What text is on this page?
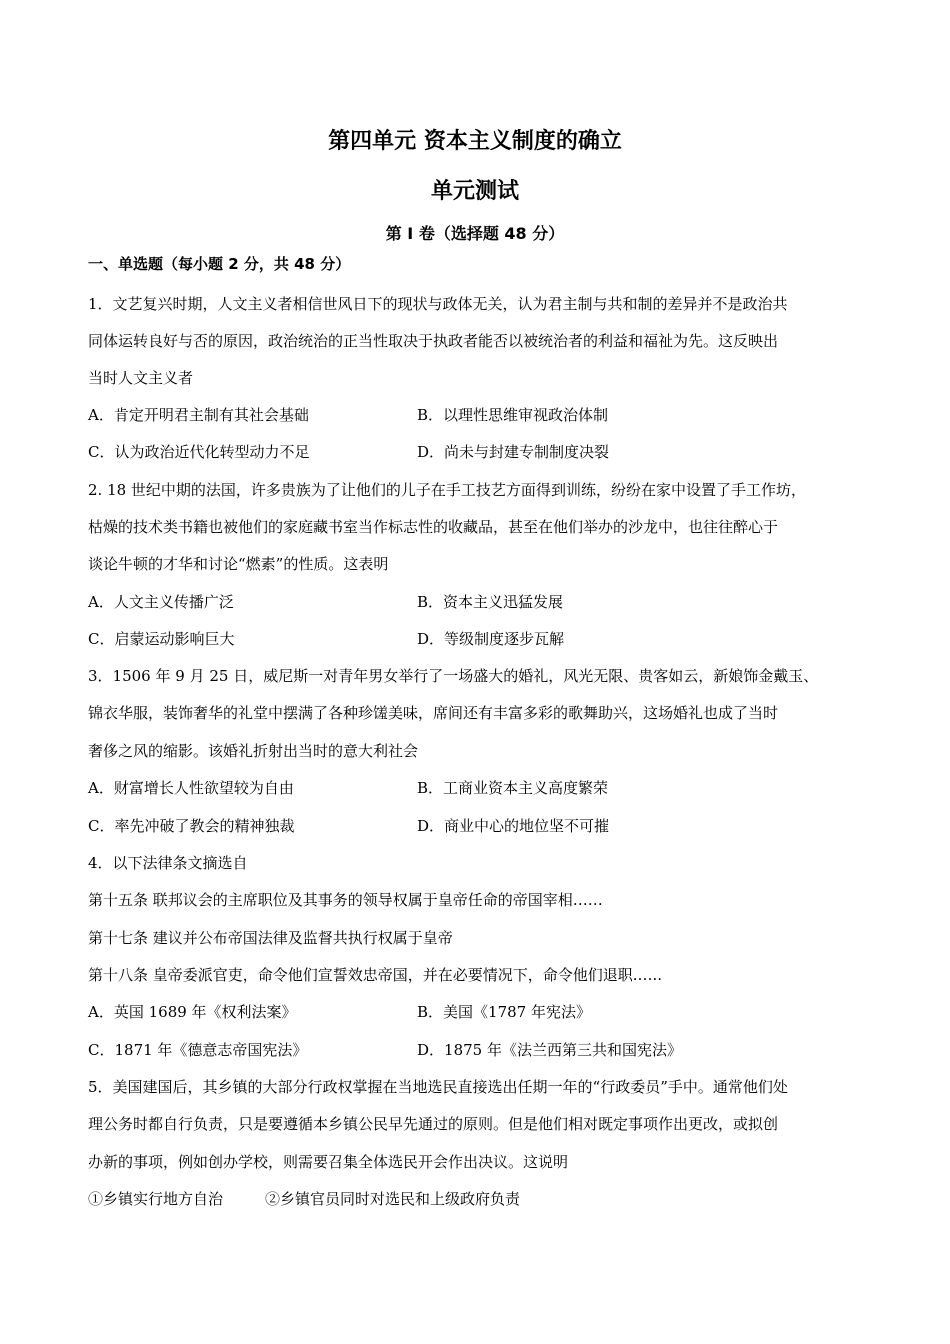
第四单元 资本主义制度的确立
单元测试
第 I 卷（选择题 48 分）
一、单选题（每小题 2 分，共 48 分）
1．文艺复兴时期，人文主义者相信世风日下的现状与政体无关，认为君主制与共和制的差异并不是政治共
同体运转良好与否的原因，政治统治的正当性取决于执政者能否以被统治者的利益和福祉为先。这反映出
当时人文主义者
A．肯定开明君主制有其社会基础	B．以理性思维审视政治体制
C．认为政治近代化转型动力不足	D．尚未与封建专制制度决裂
2. 18 世纪中期的法国，许多贵族为了让他们的儿子在手工技艺方面得到训练，纷纷在家中设置了手工作坊，
枯燥的技术类书籍也被他们的家庭藏书室当作标志性的收藏品，甚至在他们举办的沙龙中，也往往醉心于
谈论牛顿的才华和讨论“燃素”的性质。这表明
A．人文主义传播广泛	B．资本主义迅猛发展
C．启蒙运动影响巨大	D．等级制度逐步瓦解
3．1506 年 9 月 25 日，威尼斯一对青年男女举行了一场盛大的婚礼，风光无限、贵客如云，新娘饰金戴玉、
锦衣华服，装饰奢华的礼堂中摆满了各种珍馐美味，席间还有丰富多彩的歌舞助兴，这场婚礼也成了当时
奢侈之风的缩影。该婚礼折射出当时的意大利社会
A．财富增长人性欲望较为自由	B．工商业资本主义高度繁荣
C．率先冲破了教会的精神独裁	D．商业中心的地位坚不可摧
4．以下法律条文摘选自
第十五条 联邦议会的主席职位及其事务的领导权属于皇帝任命的帝国宰相……
第十七条 建议并公布帝国法律及监督共执行权属于皇帝
第十八条 皇帝委派官吏，命令他们宣誓效忠帝国，并在必要情况下，命令他们退职.…..
A．英国 1689 年《权利法案》	B．美国《1787 年宪法》
C．1871 年《德意志帝国宪法》	D．1875 年《法兰西第三共和国宪法》
5．美国建国后，其乡镇的大部分行政权掌握在当地选民直接选出任期一年的“行政委员”手中。通常他们处
理公务时都自行负责，只是要遵循本乡镇公民早先通过的原则。但是他们相对既定事项作出更改，或拟创
办新的事项，例如创办学校，则需要召集全体选民开会作出决议。这说明
①乡镇实行地方自治	②乡镇官员同时对选民和上级政府负责
